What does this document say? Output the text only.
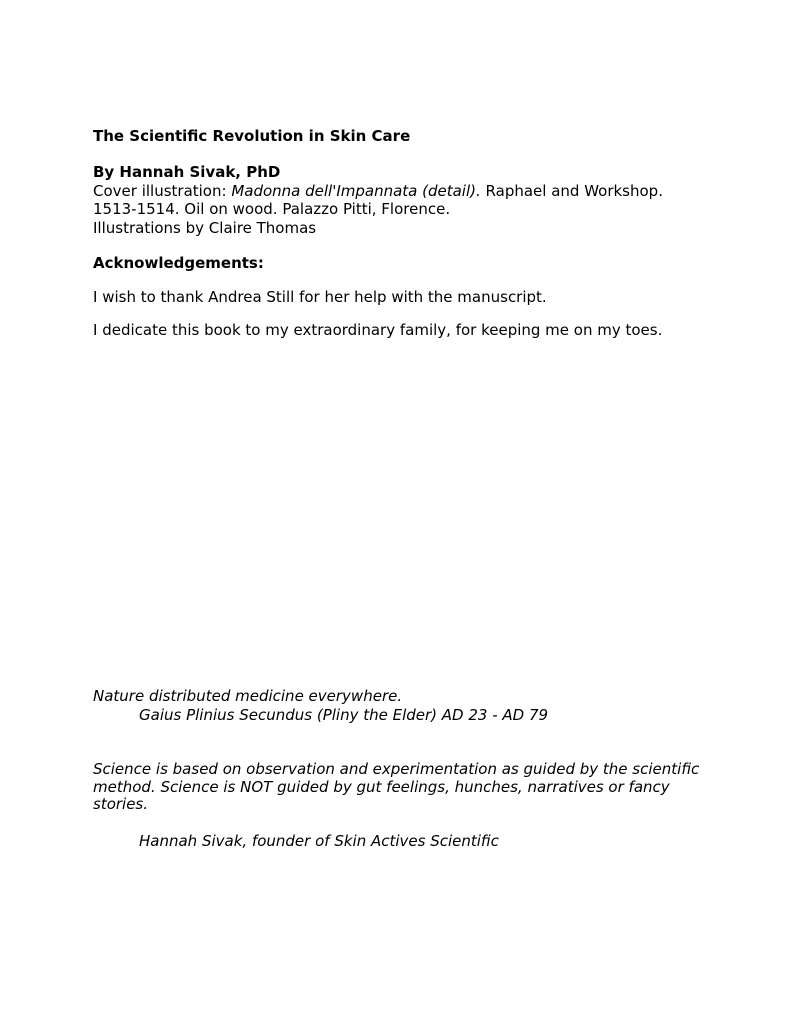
The Scientific Revolution in Skin Care
By Hannah Sivak, PhD
Cover illustration: Madonna dell'Impannata (detail). Raphael and Workshop.
1513-1514. Oil on wood. Palazzo Pitti, Florence.
Illustrations by Claire Thomas
Acknowledgements:
I wish to thank Andrea Still for her help with the manuscript.
I dedicate this book to my extraordinary family, for keeping me on my toes.
Nature distributed medicine everywhere.
Gaius Plinius Secundus (Pliny the Elder) AD 23 - AD 79
Science is based on observation and experimentation as guided by the scientific method. Science is NOT guided by gut feelings, hunches, narratives or fancy stories.
Hannah Sivak, founder of Skin Actives Scientific
